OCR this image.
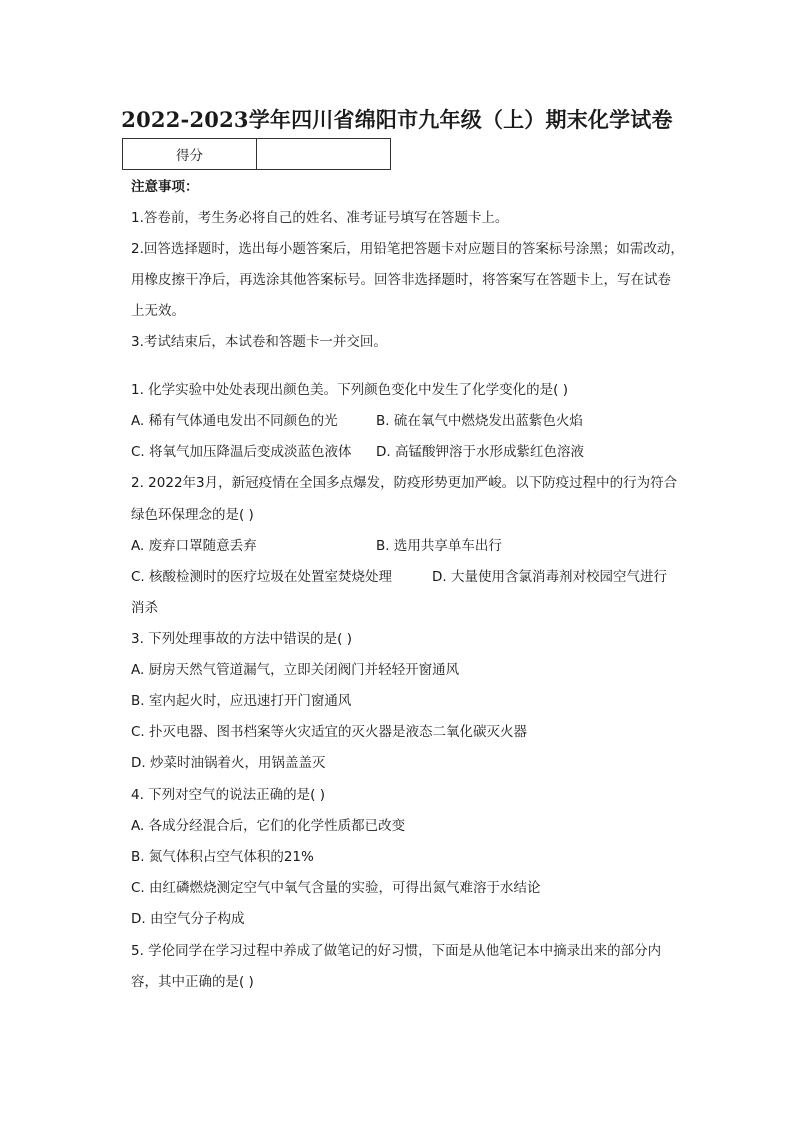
2022-2023学年四川省绵阳市九年级（上）期末化学试卷
得分	
注意事项：
1.答卷前，考生务必将自己的姓名、准考证号填写在答题卡上。
2.回答选择题时，选出每小题答案后，用铅笔把答题卡对应题目的答案标号涂黑；如需改动，
用橡皮擦干净后，再选涂其他答案标号。回答非选择题时，将答案写在答题卡上，写在试卷
上无效。
3.考试结束后，本试卷和答题卡一并交回。
1. 化学实验中处处表现出颜色美。下列颜色变化中发生了化学变化的是( )
A. 稀有气体通电发出不同颜色的光	B. 硫在氧气中燃烧发出蓝紫色火焰
C. 将氧气加压降温后变成淡蓝色液体 D. 高锰酸钾溶于水形成紫红色溶液
2. 2022年3月，新冠疫情在全国多点爆发，防疫形势更加严峻。以下防疫过程中的行为符合
绿色环保理念的是( )
A. 废弃口罩随意丢弃	B. 选用共享单车出行
C. 核酸检测时的医疗垃圾在处置室焚烧处理	D. 大量使用含氯消毒剂对校园空气进行
消杀
3. 下列处理事故的方法中错误的是( )
A. 厨房天然气管道漏气，立即关闭阀门并轻轻开窗通风
B. 室内起火时，应迅速打开门窗通风
C. 扑灭电器、图书档案等火灾适宜的灭火器是液态二氧化碳灭火器
D. 炒菜时油锅着火，用锅盖盖灭
4. 下列对空气的说法正确的是( )
A. 各成分经混合后，它们的化学性质都已改变
B. 氮气体积占空气体积的21%
C. 由红磷燃烧测定空气中氧气含量的实验，可得出氮气难溶于水结论
D. 由空气分子构成
5. 学伦同学在学习过程中养成了做笔记的好习惯，下面是从他笔记本中摘录出来的部分内
容，其中正确的是( )
